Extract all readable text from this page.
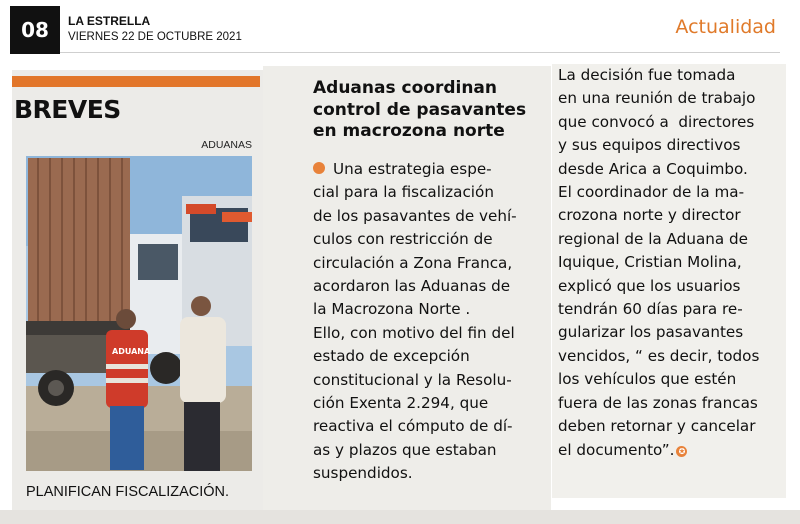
08	LA ESTRELLA
VIERNES 22 DE OCTUBRE 2021	Actualidad
BREVES
ADUANAS
ADUANA
PLANIFICAN FISCALIZACIÓN.
Aduanas coordinan
control de pasavantes
en macrozona norte
Una estrategia espe-
cial para la fiscalización
de los pasavantes de vehí-
culos con restricción de
circulación a Zona Franca,
acordaron las Aduanas de
la Macrozona Norte .
Ello, con motivo del fin del
estado de excepción
constitucional y la Resolu-
ción Exenta 2.294, que
reactiva el cómputo de dí-
as y plazos que estaban
suspendidos.
La decisión fue tomada
en una reunión de trabajo
que convocó a  directores
y sus equipos directivos
desde Arica a Coquimbo.
El coordinador de la ma-
crozona norte y director
regional de la Aduana de
Iquique, Cristian Molina,
explicó que los usuarios
tendrán 60 días para re-
gularizar los pasavantes
vencidos, “ es decir, todos
los vehículos que estén
fuera de las zonas francas
deben retornar y cancelar
el documento”. ✪
